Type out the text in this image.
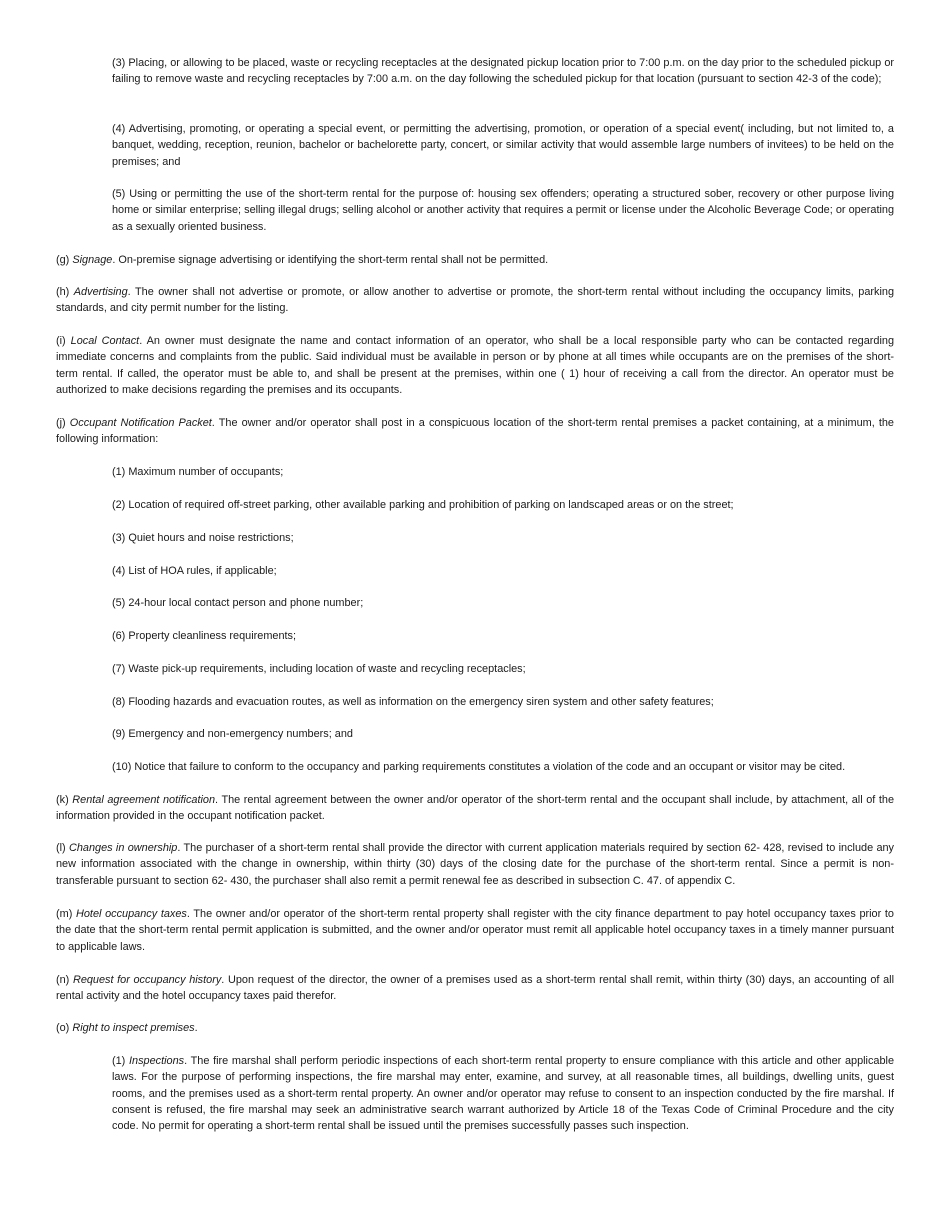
(3) Placing, or allowing to be placed, waste or recycling receptacles at the designated pickup location prior to 7:00 p.m. on the day prior to the scheduled pickup or failing to remove waste and recycling receptacles by 7:00 a.m. on the day following the scheduled pickup for that location (pursuant to section 42-3 of the code);

(4) Advertising, promoting, or operating a special event, or permitting the advertising, promotion, or operation of a special event( including, but not limited to, a banquet, wedding, reception, reunion, bachelor or bachelorette party, concert, or similar activity that would assemble large numbers of invitees) to be held on the premises; and

(5) Using or permitting the use of the short-term rental for the purpose of: housing sex offenders; operating a structured sober, recovery or other purpose living home or similar enterprise; selling illegal drugs; selling alcohol or another activity that requires a permit or license under the Alcoholic Beverage Code; or operating as a sexually oriented business.

(g) Signage. On-premise signage advertising or identifying the short-term rental shall not be permitted.

(h) Advertising. The owner shall not advertise or promote, or allow another to advertise or promote, the short-term rental without including the occupancy limits, parking standards, and city permit number for the listing.

(i) Local Contact. An owner must designate the name and contact information of an operator, who shall be a local responsible party who can be contacted regarding immediate concerns and complaints from the public. Said individual must be available in person or by phone at all times while occupants are on the premises of the short-term rental. If called, the operator must be able to, and shall be present at the premises, within one ( 1) hour of receiving a call from the director. An operator must be authorized to make decisions regarding the premises and its occupants.

(j) Occupant Notification Packet. The owner and/or operator shall post in a conspicuous location of the short-term rental premises a packet containing, at a minimum, the following information:

(1) Maximum number of occupants;

(2) Location of required off-street parking, other available parking and prohibition of parking on landscaped areas or on the street;

(3) Quiet hours and noise restrictions;

(4) List of HOA rules, if applicable;

(5) 24-hour local contact person and phone number;

(6) Property cleanliness requirements;

(7) Waste pick-up requirements, including location of waste and recycling receptacles;

(8) Flooding hazards and evacuation routes, as well as information on the emergency siren system and other safety features;

(9) Emergency and non-emergency numbers; and

(10) Notice that failure to conform to the occupancy and parking requirements constitutes a violation of the code and an occupant or visitor may be cited.

(k) Rental agreement notification. The rental agreement between the owner and/or operator of the short-term rental and the occupant shall include, by attachment, all of the information provided in the occupant notification packet.

(l) Changes in ownership. The purchaser of a short-term rental shall provide the director with current application materials required by section 62- 428, revised to include any new information associated with the change in ownership, within thirty (30) days of the closing date for the purchase of the short-term rental. Since a permit is non-transferable pursuant to section 62- 430, the purchaser shall also remit a permit renewal fee as described in subsection C. 47. of appendix C.

(m) Hotel occupancy taxes. The owner and/or operator of the short-term rental property shall register with the city finance department to pay hotel occupancy taxes prior to the date that the short-term rental permit application is submitted, and the owner and/or operator must remit all applicable hotel occupancy taxes in a timely manner pursuant to applicable laws.

(n) Request for occupancy history. Upon request of the director, the owner of a premises used as a short-term rental shall remit, within thirty (30) days, an accounting of all rental activity and the hotel occupancy taxes paid therefor.

(o) Right to inspect premises.

(1) Inspections. The fire marshal shall perform periodic inspections of each short-term rental property to ensure compliance with this article and other applicable laws. For the purpose of performing inspections, the fire marshal may enter, examine, and survey, at all reasonable times, all buildings, dwelling units, guest rooms, and the premises used as a short-term rental property. An owner and/or operator may refuse to consent to an inspection conducted by the fire marshal. If consent is refused, the fire marshal may seek an administrative search warrant authorized by Article 18 of the Texas Code of Criminal Procedure and the city code. No permit for operating a short-term rental shall be issued until the premises successfully passes such inspection.
